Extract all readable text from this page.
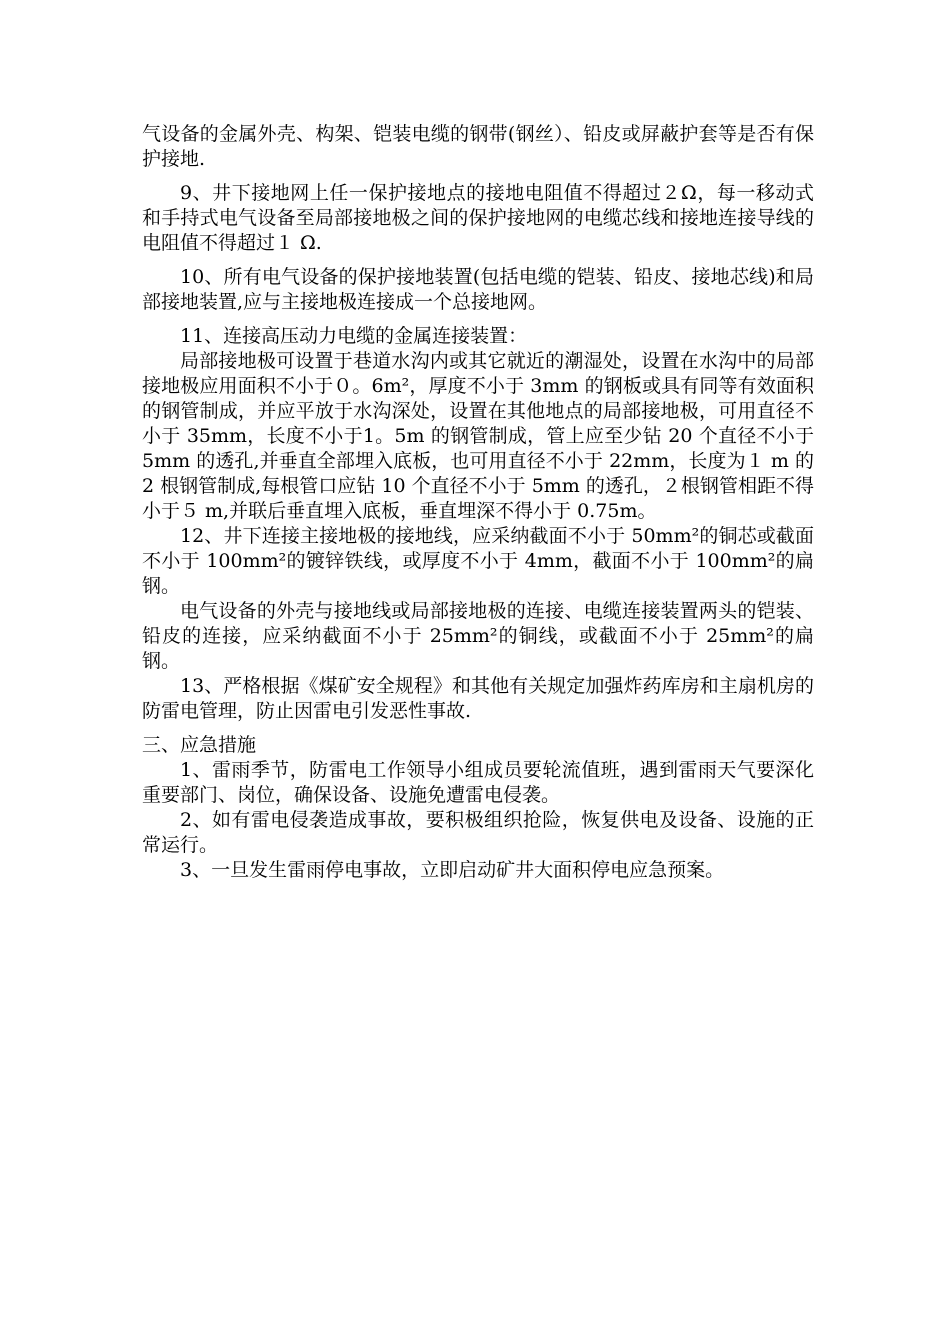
气设备的金属外壳、构架、铠装电缆的钢带(钢丝）、铅皮或屏蔽护套等是否有保护接地.

9、井下接地网上任一保护接地点的接地电阻值不得超过２Ω，每一移动式和手持式电气设备至局部接地极之间的保护接地网的电缆芯线和接地连接导线的电阻值不得超过１ Ω.

10、所有电气设备的保护接地装置(包括电缆的铠装、铅皮、接地芯线)和局部接地装置,应与主接地极连接成一个总接地网。

11、连接高压动力电缆的金属连接装置：

局部接地极可设置于巷道水沟内或其它就近的潮湿处，设置在水沟中的局部接地极应用面积不小于０。6m²，厚度不小于 3mm 的钢板或具有同等有效面积的钢管制成，并应平放于水沟深处，设置在其他地点的局部接地极，可用直径不小于 35mm，长度不小于1。5m 的钢管制成，管上应至少钻 20 个直径不小于 5mm 的透孔,并垂直全部埋入底板，也可用直径不小于 22mm，长度为１ m 的 2 根钢管制成,每根管口应钻 10 个直径不小于 5mm 的透孔，２根钢管相距不得小于５ m,并联后垂直埋入底板，垂直埋深不得小于 0.75m。

12、井下连接主接地极的接地线，应采纳截面不小于 50mm²的铜芯或截面不小于 100mm²的镀锌铁线，或厚度不小于 4mm，截面不小于 100mm²的扁钢。

电气设备的外壳与接地线或局部接地极的连接、电缆连接装置两头的铠装、铅皮的连接，应采纳截面不小于 25mm²的铜线，或截面不小于 25mm²的扁钢。

13、严格根据《煤矿安全规程》和其他有关规定加强炸药库房和主扇机房的防雷电管理，防止因雷电引发恶性事故.

三、应急措施

1、雷雨季节，防雷电工作领导小组成员要轮流值班，遇到雷雨天气要深化重要部门、岗位，确保设备、设施免遭雷电侵袭。

2、如有雷电侵袭造成事故，要积极组织抢险，恢复供电及设备、设施的正常运行。

3、一旦发生雷雨停电事故，立即启动矿井大面积停电应急预案。
